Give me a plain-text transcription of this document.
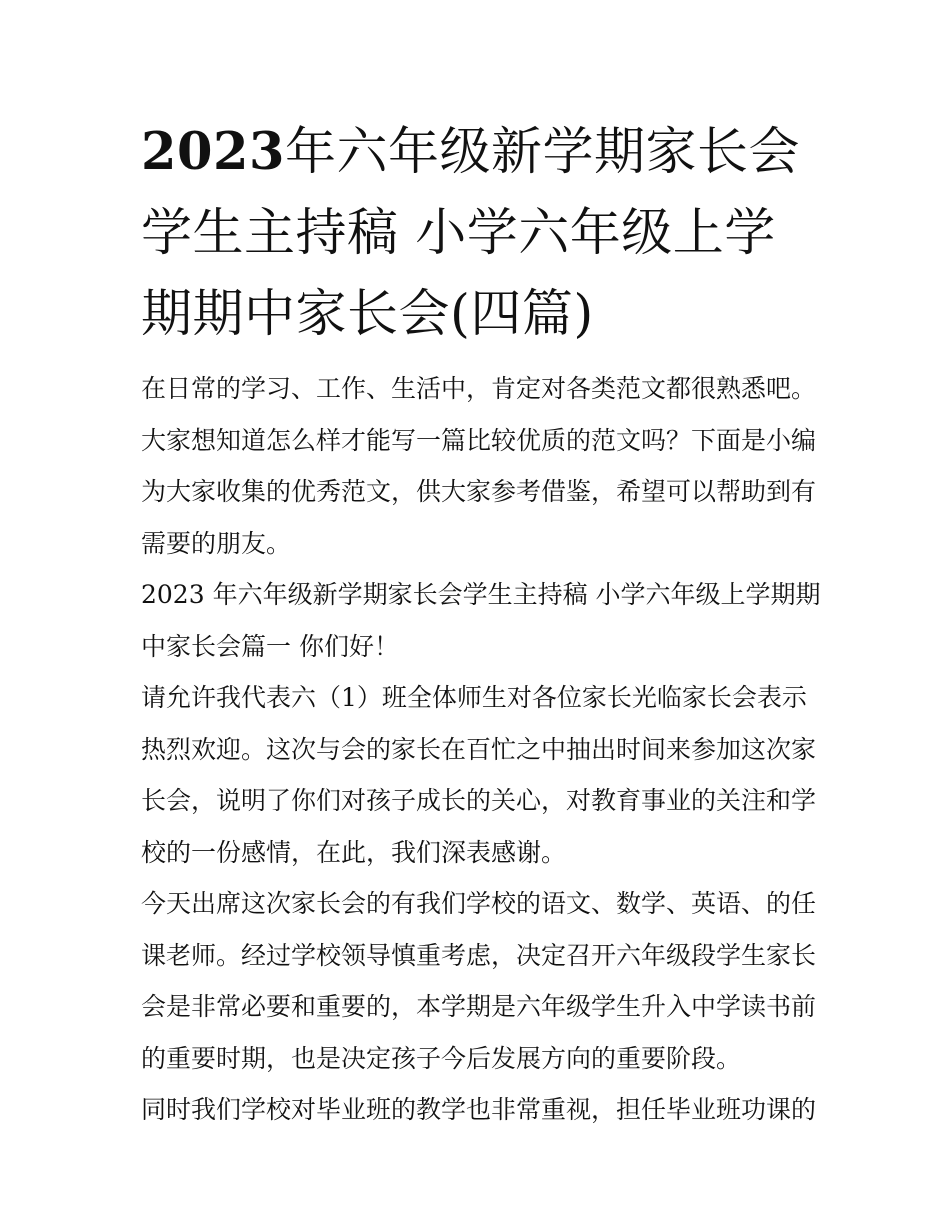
2023年六年级新学期家长会学生主持稿 小学六年级上学期期中家长会(四篇)

在日常的学习、工作、生活中，肯定对各类范文都很熟悉吧。大家想知道怎么样才能写一篇比较优质的范文吗？下面是小编为大家收集的优秀范文，供大家参考借鉴，希望可以帮助到有需要的朋友。

2023 年六年级新学期家长会学生主持稿 小学六年级上学期期中家长会篇一 你们好！

请允许我代表六（1）班全体师生对各位家长光临家长会表示热烈欢迎。这次与会的家长在百忙之中抽出时间来参加这次家长会，说明了你们对孩子成长的关心，对教育事业的关注和学校的一份感情，在此，我们深表感谢。

今天出席这次家长会的有我们学校的语文、数学、英语、的任课老师。经过学校领导慎重考虑，决定召开六年级段学生家长会是非常必要和重要的，本学期是六年级学生升入中学读书前的重要时期，也是决定孩子今后发展方向的重要阶段。

同时我们学校对毕业班的教学也非常重视，担任毕业班功课的
